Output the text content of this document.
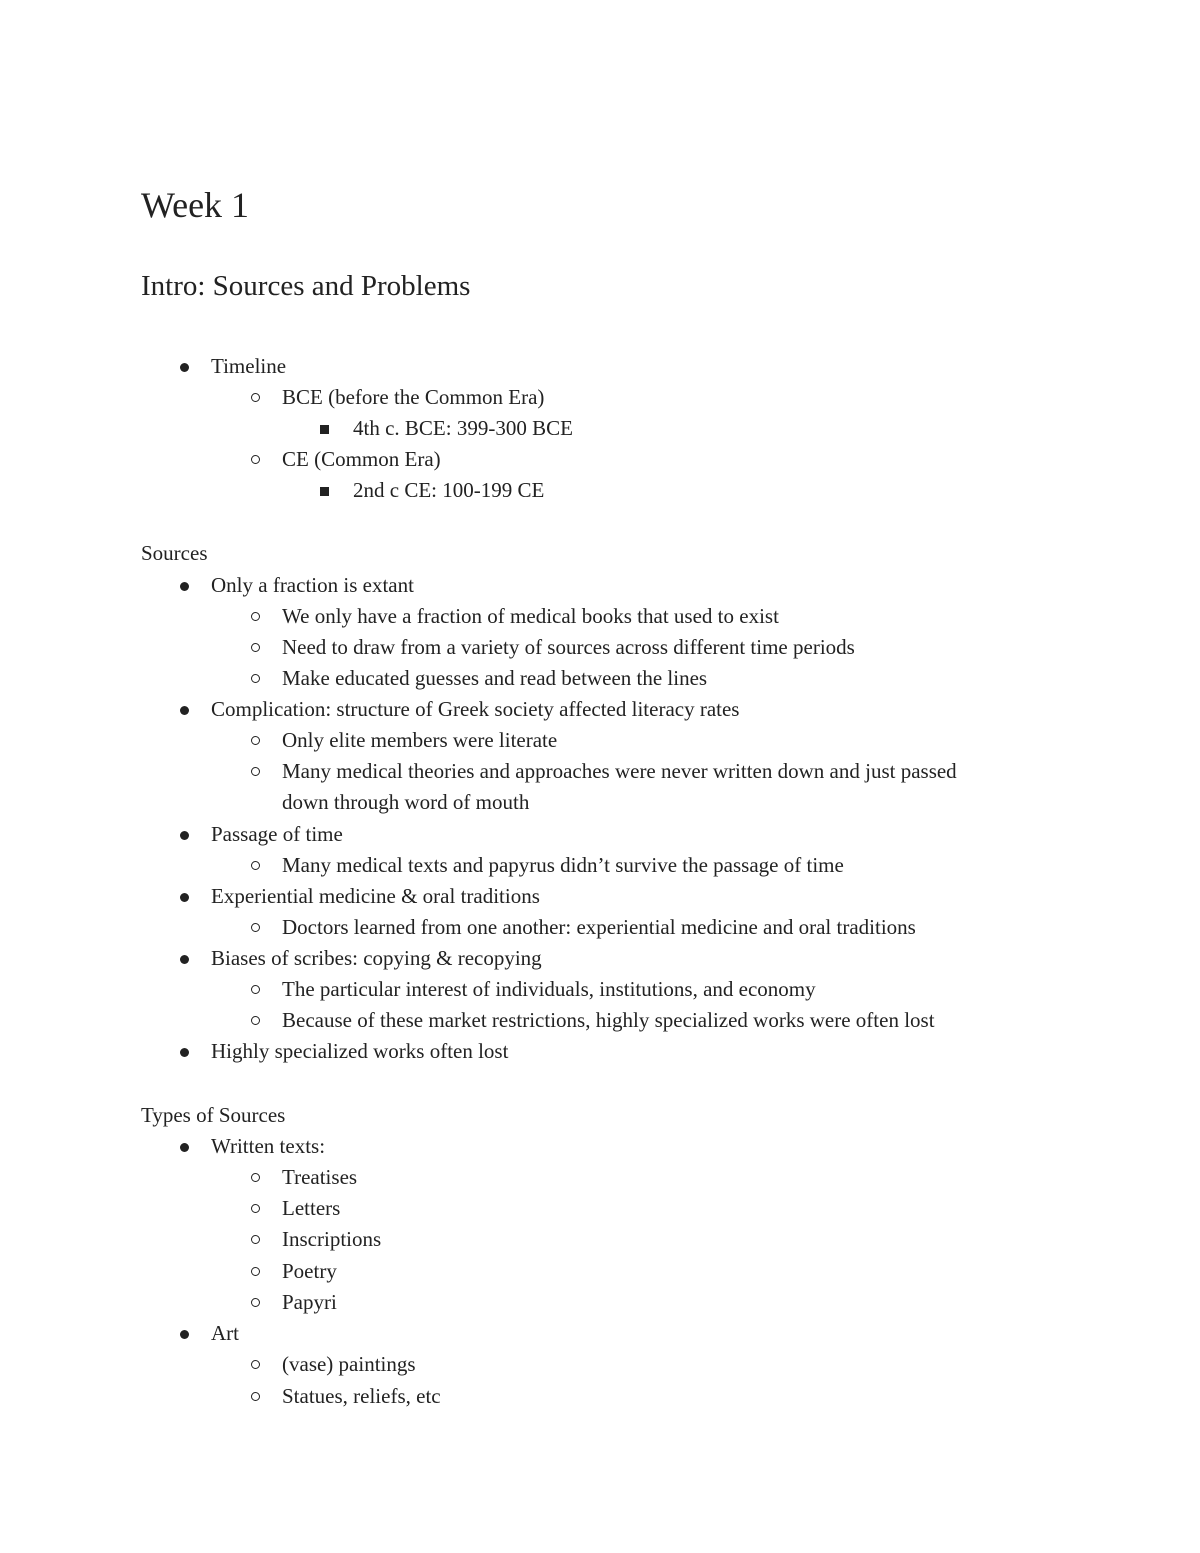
Week 1
Intro: Sources and Problems
Timeline
BCE (before the Common Era)
4th c. BCE: 399-300 BCE
CE (Common Era)
2nd c CE: 100-199 CE
Sources
Only a fraction is extant
We only have a fraction of medical books that used to exist
Need to draw from a variety of sources across different time periods
Make educated guesses and read between the lines
Complication: structure of Greek society affected literacy rates
Only elite members were literate
Many medical theories and approaches were never written down and just passed
down through word of mouth
Passage of time
Many medical texts and papyrus didn’t survive the passage of time
Experiential medicine & oral traditions
Doctors learned from one another: experiential medicine and oral traditions
Biases of scribes: copying & recopying
The particular interest of individuals, institutions, and economy
Because of these market restrictions, highly specialized works were often lost
Highly specialized works often lost
Types of Sources
Written texts:
Treatises
Letters
Inscriptions
Poetry
Papyri
Art
(vase) paintings
Statues, reliefs, etc
